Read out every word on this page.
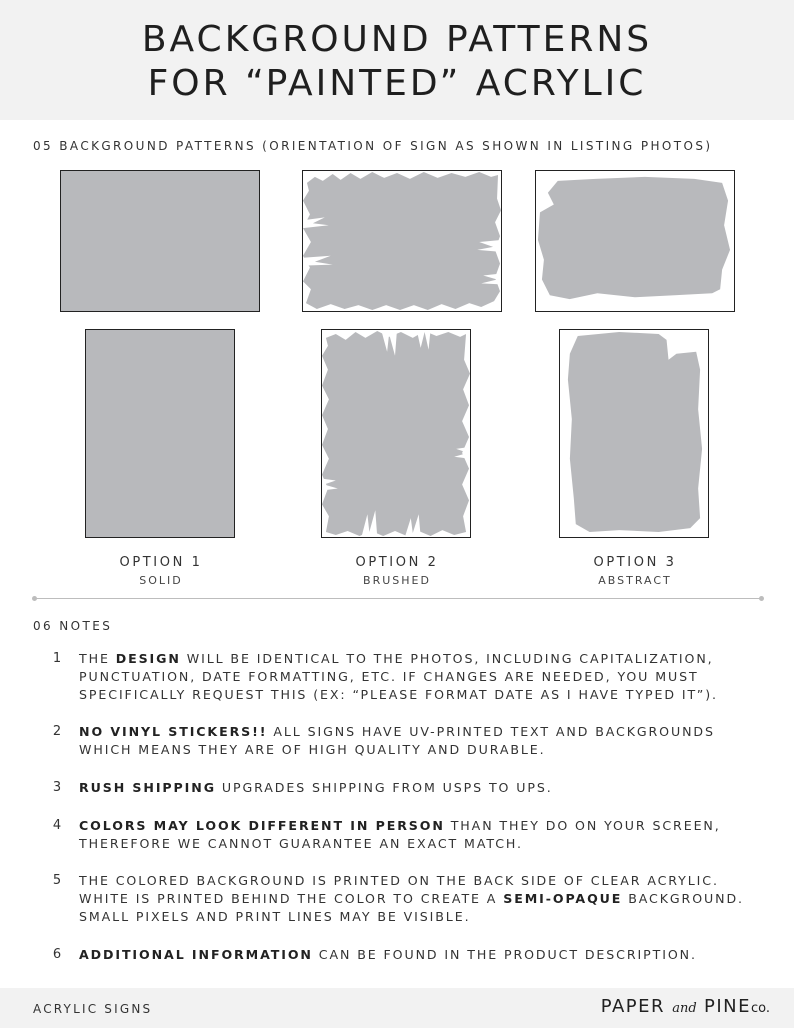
BACKGROUND PATTERNS
FOR “PAINTED” ACRYLIC
05 BACKGROUND PATTERNS (ORIENTATION OF SIGN AS SHOWN IN LISTING PHOTOS)
OPTION 1
SOLID
OPTION 2
BRUSHED
OPTION 3
ABSTRACT
06 NOTES
1 THE DESIGN WILL BE IDENTICAL TO THE PHOTOS, INCLUDING CAPITALIZATION, PUNCTUATION, DATE FORMATTING, ETC. IF CHANGES ARE NEEDED, YOU MUST SPECIFICALLY REQUEST THIS (EX: “PLEASE FORMAT DATE AS I HAVE TYPED IT”).
2 NO VINYL STICKERS!! ALL SIGNS HAVE UV-PRINTED TEXT AND BACKGROUNDS WHICH MEANS THEY ARE OF HIGH QUALITY AND DURABLE.
3 RUSH SHIPPING UPGRADES SHIPPING FROM USPS TO UPS.
4 COLORS MAY LOOK DIFFERENT IN PERSON THAN THEY DO ON YOUR SCREEN, THEREFORE WE CANNOT GUARANTEE AN EXACT MATCH.
5 THE COLORED BACKGROUND IS PRINTED ON THE BACK SIDE OF CLEAR ACRYLIC. WHITE IS PRINTED BEHIND THE COLOR TO CREATE A SEMI-OPAQUE BACKGROUND. SMALL PIXELS AND PRINT LINES MAY BE VISIBLE.
6 ADDITIONAL INFORMATION CAN BE FOUND IN THE PRODUCT DESCRIPTION.
ACRYLIC SIGNS	PAPER and PINEco.
